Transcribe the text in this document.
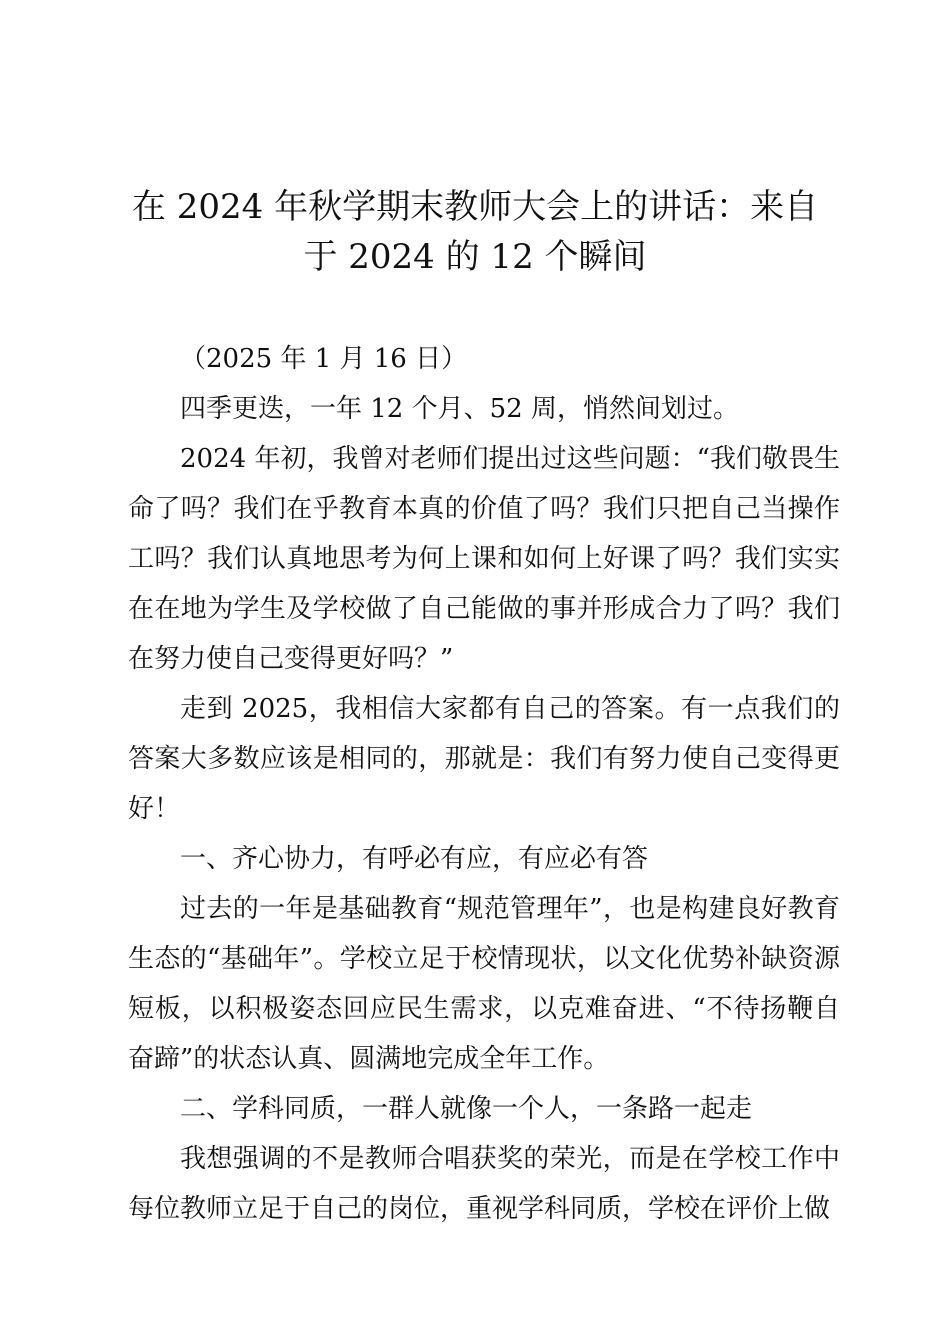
在 2024 年秋学期末教师大会上的讲话：来自
于 2024 的 12 个瞬间

（2025 年 1 月 16 日）

四季更迭，一年 12 个月、52 周，悄然间划过。

2024 年初，我曾对老师们提出过这些问题：“我们敬畏生命了吗？我们在乎教育本真的价值了吗？我们只把自己当操作工吗？我们认真地思考为何上课和如何上好课了吗？我们实实在在地为学生及学校做了自己能做的事并形成合力了吗？我们在努力使自己变得更好吗？”

走到 2025，我相信大家都有自己的答案。有一点我们的答案大多数应该是相同的，那就是：我们有努力使自己变得更好！

一、齐心协力，有呼必有应，有应必有答

过去的一年是基础教育“规范管理年”，也是构建良好教育生态的“基础年”。学校立足于校情现状，以文化优势补缺资源短板，以积极姿态回应民生需求，以克难奋进、“不待扬鞭自奋蹄”的状态认真、圆满地完成全年工作。

二、学科同质，一群人就像一个人，一条路一起走

我想强调的不是教师合唱获奖的荣光，而是在学校工作中每位教师立足于自己的岗位，重视学科同质，学校在评价上做
